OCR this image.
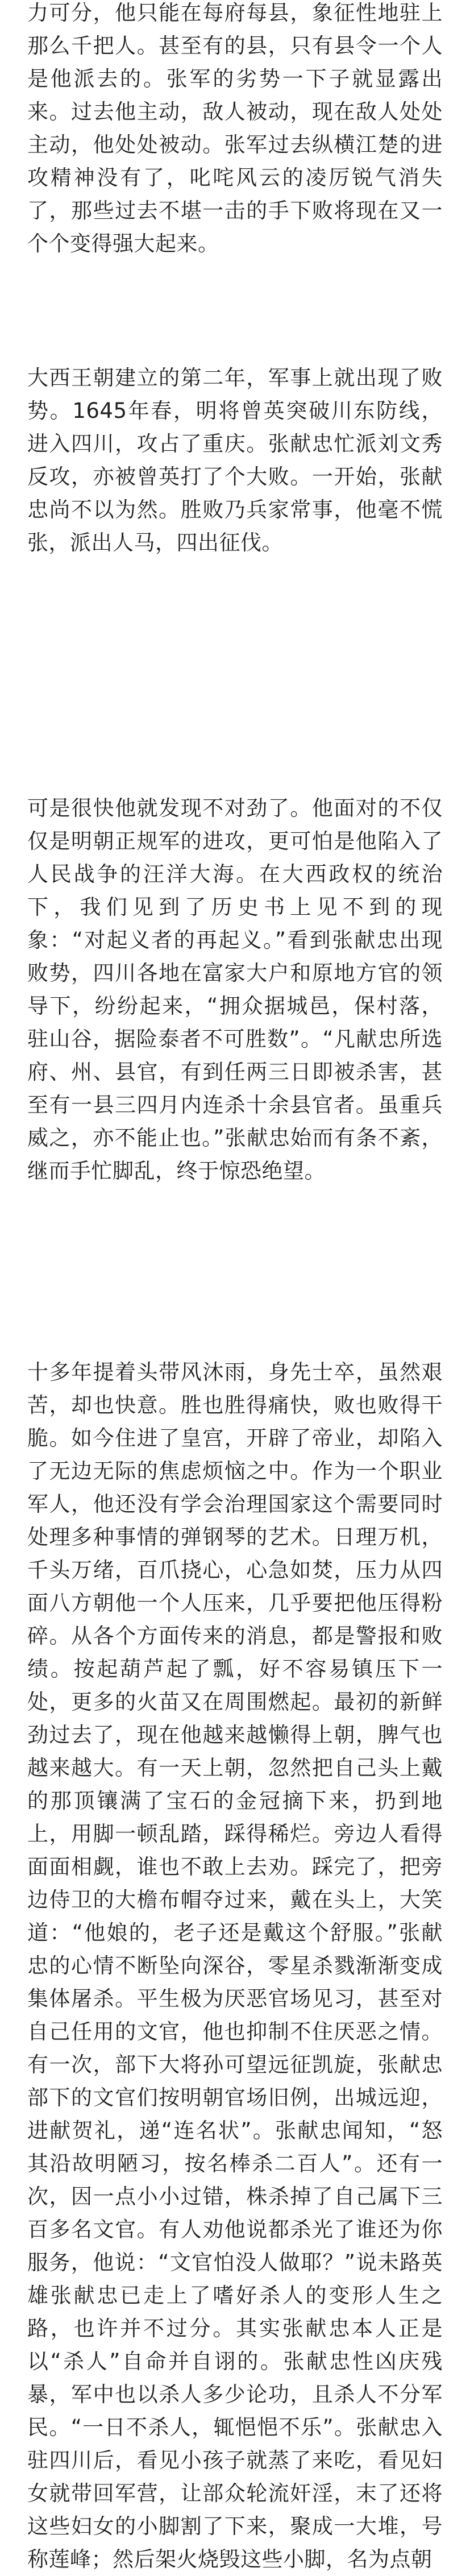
力可分，他只能在每府每县，象征性地驻上那么千把人。甚至有的县，只有县令一个人是他派去的。张军的劣势一下子就显露出来。过去他主动，敌人被动，现在敌人处处主动，他处处被动。张军过去纵横江楚的进攻精神没有了，叱咤风云的凌厉锐气消失了，那些过去不堪一击的手下败将现在又一个个变得强大起来。

大西王朝建立的第二年，军事上就出现了败势。1645年春，明将曾英突破川东防线，进入四川，攻占了重庆。张献忠忙派刘文秀反攻，亦被曾英打了个大败。一开始，张献忠尚不以为然。胜败乃兵家常事，他毫不慌张，派出人马，四出征伐。

可是很快他就发现不对劲了。他面对的不仅仅是明朝正规军的进攻，更可怕是他陷入了人民战争的汪洋大海。在大西政权的统治下，我们见到了历史书上见不到的现象：“对起义者的再起义。”看到张献忠出现败势，四川各地在富家大户和原地方官的领导下，纷纷起来，“拥众据城邑，保村落，驻山谷，据险泰者不可胜数”。“凡献忠所选府、州、县官，有到任两三日即被杀害，甚至有一县三四月内连杀十余县官者。虽重兵威之，亦不能止也。”张献忠始而有条不紊，继而手忙脚乱，终于惊恐绝望。

十多年提着头带风沐雨，身先士卒，虽然艰苦，却也快意。胜也胜得痛快，败也败得干脆。如今住进了皇宫，开辟了帝业，却陷入了无边无际的焦虑烦恼之中。作为一个职业军人，他还没有学会治理国家这个需要同时处理多种事情的弹钢琴的艺术。日理万机，千头万绪，百爪挠心，心急如焚，压力从四面八方朝他一个人压来，几乎要把他压得粉碎。从各个方面传来的消息，都是警报和败绩。按起葫芦起了瓢，好不容易镇压下一处，更多的火苗又在周围燃起。最初的新鲜劲过去了，现在他越来越懒得上朝，脾气也越来越大。有一天上朝，忽然把自己头上戴的那顶镶满了宝石的金冠摘下来，扔到地上，用脚一顿乱踏，踩得稀烂。旁边人看得面面相觑，谁也不敢上去劝。踩完了，把旁边侍卫的大檐布帽夺过来，戴在头上，大笑道：“他娘的，老子还是戴这个舒服。”张献忠的心情不断坠向深谷，零星杀戮渐渐变成集体屠杀。平生极为厌恶官场见习，甚至对自己任用的文官，他也抑制不住厌恶之情。有一次，部下大将孙可望远征凯旋，张献忠部下的文官们按明朝官场旧例，出城远迎，进献贺礼，递“连名状”。张献忠闻知，“怒其沿故明陋习，按名棒杀二百人”。还有一次，因一点小小过错，株杀掉了自己属下三百多名文官。有人劝他说都杀光了谁还为你服务，他说：“文官怕没人做耶？”说未路英雄张献忠已走上了嗜好杀人的变形人生之路，也许并不过分。其实张献忠本人正是以“杀人”自命并自诩的。张献忠性凶庆残暴，军中也以杀人多少论功，且杀人不分军民。“一日不杀人，辄悒悒不乐”。张献忠入驻四川后，看见小孩子就蒸了来吃，看见妇女就带回军营，让部众轮流奸淫，末了还将这些妇女的小脚割了下来，聚成一大堆，号称莲峰；然后架火烧毁这些小脚，名为点朝
